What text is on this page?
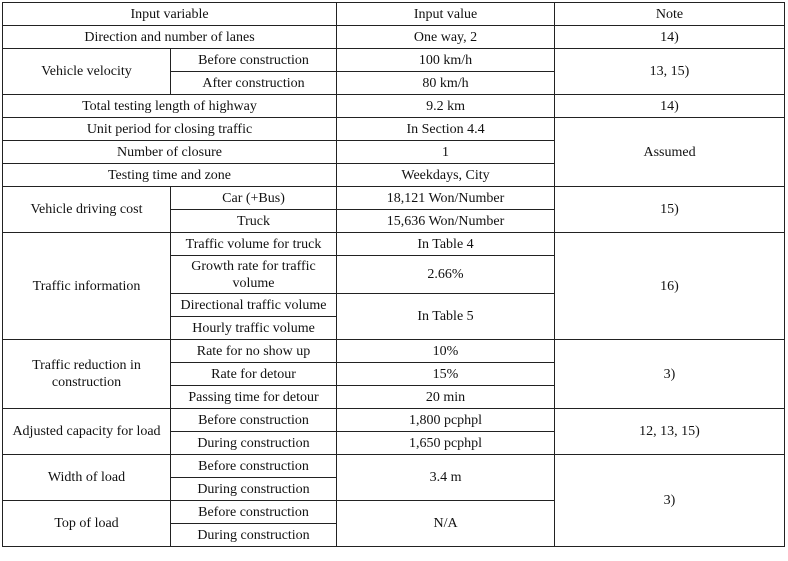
Input variable		Input value	Note
Direction and number of lanes		One way, 2	14)
Vehicle velocity	Before construction	100 km/h	13, 15)
	After construction	80 km/h	
Total testing length of highway		9.2 km	14)
Unit period for closing traffic		In Section 4.4	Assumed
Number of closure		1	
Testing time and zone		Weekdays, City	
Vehicle driving cost	Car (+Bus)	18,121 Won/Number	15)
	Truck	15,636 Won/Number	
Traffic information	Traffic volume for truck	In Table 4	16)
	Growth rate for traffic volume	2.66%	
	Directional traffic volume	In Table 5	
	Hourly traffic volume		
Traffic reduction in construction	Rate for no show up	10%	3)
	Rate for detour	15%	
	Passing time for detour	20 min	
Adjusted capacity for load	Before construction	1,800 pcphpl	12, 13, 15)
	During construction	1,650 pcphpl	
Width of load	Before construction	3.4 m	3)
	During construction		
Top of load	Before construction	N/A	
	During construction		
